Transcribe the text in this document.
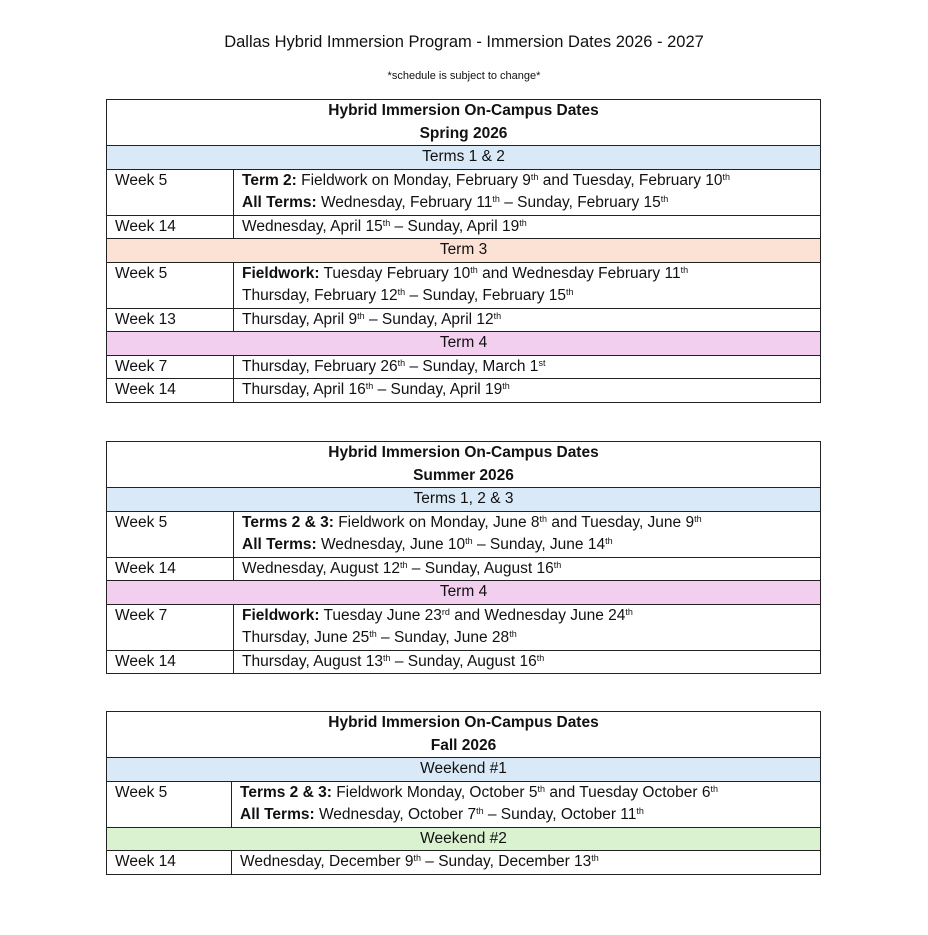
Dallas Hybrid Immersion Program - Immersion Dates 2026 - 2027
*schedule is subject to change*
Hybrid Immersion On-Campus Dates
Spring 2026	

Terms 1 & 2	
Week 5	Term 2: Fieldwork on Monday, February 9th and Tuesday, February 10th
All Terms: Wednesday, February 11th – Sunday, February 15th

Week 14	Wednesday, April 15th – Sunday, April 19th

Term 3	
Week 5	Fieldwork: Tuesday February 10th and Wednesday February 11th
Thursday, February 12th – Sunday, February 15th

Week 13	Thursday, April 9th – Sunday, April 12th

Term 4	
Week 7	Thursday, February 26th – Sunday, March 1st

Week 14	Thursday, April 16th – Sunday, April 19th
Hybrid Immersion On-Campus Dates
Summer 2026	

Terms 1, 2 & 3	
Week 5	Terms 2 & 3: Fieldwork on Monday, June 8th and Tuesday, June 9th
All Terms: Wednesday, June 10th – Sunday, June 14th

Week 14	Wednesday, August 12th – Sunday, August 16th

Term 4	
Week 7	Fieldwork: Tuesday June 23rd and Wednesday June 24th
Thursday, June 25th – Sunday, June 28th

Week 14	Thursday, August 13th – Sunday, August 16th
Hybrid Immersion On-Campus Dates
Fall 2026	

Weekend #1	
Week 5	Terms 2 & 3: Fieldwork Monday, October 5th and Tuesday October 6th
All Terms: Wednesday, October 7th – Sunday, October 11th

Weekend #2	
Week 14	Wednesday, December 9th – Sunday, December 13th
